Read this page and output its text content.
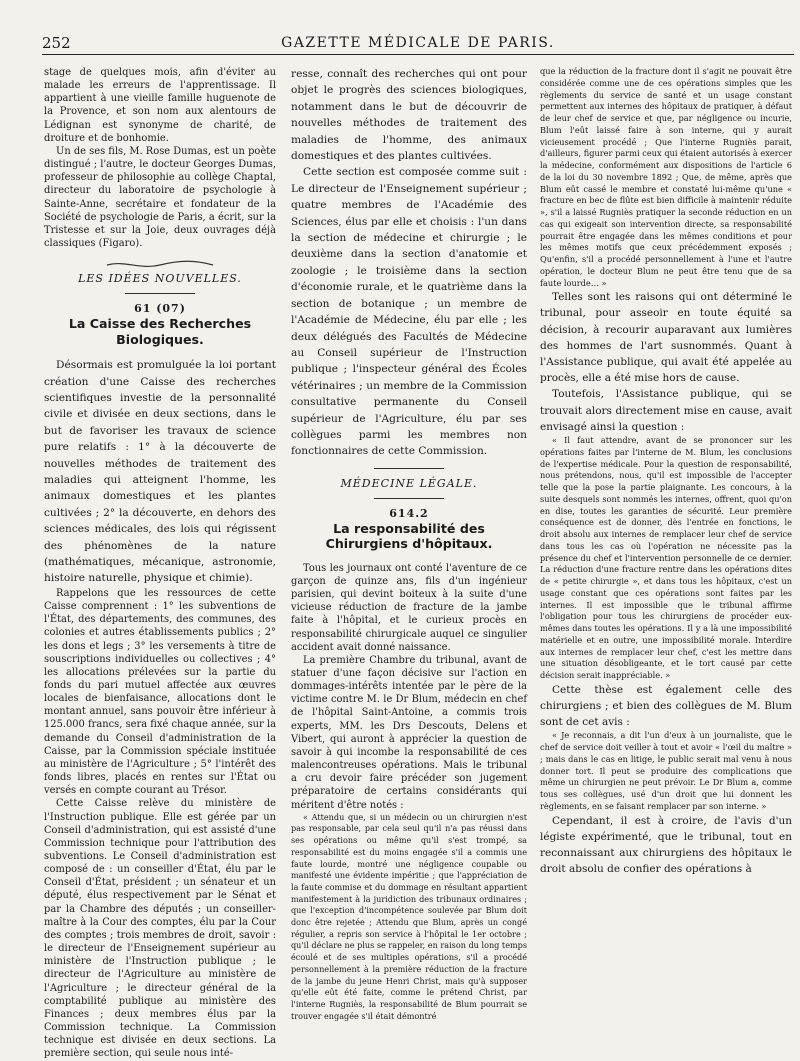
252	GAZETTE MÉDICALE DE PARIS.

stage de quelques mois, afin d'éviter au malade les erreurs de l'apprentissage. Il appartient à une vieille famille huguenote de la Provence, et son nom aux alentours de Lédignan est synonyme de charité, de droiture et de bonhomie.

Un de ses fils, M. Rose Dumas, est un poète distingué ; l'autre, le docteur Georges Dumas, professeur de philosophie au collège Chaptal, directeur du laboratoire de psychologie à Sainte-Anne, secrétaire et fondateur de la Société de psychologie de Paris, a écrit, sur la Tristesse et sur la Joie, deux ouvrages déjà classiques (Figaro).

LES IDÉES NOUVELLES.
61 (07)
La Caisse des Recherches Biologiques.

Désormais est promulguée la loi portant création d'une Caisse des recherches scientifiques investie de la personnalité civile et divisée en deux sections, dans le but de favoriser les travaux de science pure relatifs : 1° à la découverte de nouvelles méthodes de traitement des maladies qui atteignent l'homme, les animaux domestiques et les plantes cultivées ; 2° la découverte, en dehors des sciences médicales, des lois qui régissent des phénomènes de la nature (mathématiques, mécanique, astronomie, histoire naturelle, physique et chimie).

Rappelons que les ressources de cette Caisse comprennent : 1° les subventions de l'État, des départements, des communes, des colonies et autres établissements publics ; 2° les dons et legs ; 3° les versements à titre de souscriptions individuelles ou collectives ; 4° les allocations prélevées sur la partie du fonds du pari mutuel affectée aux œuvres locales de bienfaisance, allocations dont le montant annuel, sans pouvoir être inférieur à 125.000 francs, sera fixé chaque année, sur la demande du Conseil d'administration de la Caisse, par la Commission spéciale instituée au ministère de l'Agriculture ; 5° l'intérêt des fonds libres, placés en rentes sur l'État ou versés en compte courant au Trésor.

Cette Caisse relève du ministère de l'Instruction publique. Elle est gérée par un Conseil d'administration, qui est assisté d'une Commission technique pour l'attribution des subventions. Le Conseil d'administration est composé de : un conseiller d'État, élu par le Conseil d'État, président ; un sénateur et un député, élus respectivement par le Sénat et par la Chambre des députés ; un conseiller-maître à la Cour des comptes, élu par la Cour des comptes ; trois membres de droit, savoir : le directeur de l'Enseignement supérieur au ministère de l'Instruction publique ; le directeur de l'Agriculture au ministère de l'Agriculture ; le directeur général de la comptabilité publique au ministère des Finances ; deux membres élus par la Commission technique. La Commission technique est divisée en deux sections. La première section, qui seule nous inté-

resse, connaît des recherches qui ont pour objet le progrès des sciences biologiques, notamment dans le but de découvrir de nouvelles méthodes de traitement des maladies de l'homme, des animaux domestiques et des plantes cultivées.

Cette section est composée comme suit : Le directeur de l'Enseignement supérieur ; quatre membres de l'Académie des Sciences, élus par elle et choisis : l'un dans la section de médecine et chirurgie ; le deuxième dans la section d'anatomie et zoologie ; le troisième dans la section d'économie rurale, et le quatrième dans la section de botanique ; un membre de l'Académie de Médecine, élu par elle ; les deux délégués des Facultés de Médecine au Conseil supérieur de l'Instruction publique ; l'inspecteur général des Écoles vétérinaires ; un membre de la Commission consultative permanente du Conseil supérieur de l'Agriculture, élu par ses collègues parmi les membres non fonctionnaires de cette Commission.

MÉDECINE LÉGALE.
614.2
La responsabilité des Chirurgiens d'hôpitaux.

Tous les journaux ont conté l'aventure de ce garçon de quinze ans, fils d'un ingénieur parisien, qui devint boiteux à la suite d'une vicieuse réduction de fracture de la jambe faite à l'hôpital, et le curieux procès en responsabilité chirurgicale auquel ce singulier accident avait donné naissance.

La première Chambre du tribunal, avant de statuer d'une façon décisive sur l'action en dommages-intérêts intentée par le père de la victime contre M. le Dr Blum, médecin en chef de l'hôpital Saint-Antoine, a commis trois experts, MM. les Drs Descouts, Delens et Vibert, qui auront à apprécier la question de savoir à qui incombe la responsabilité de ces malencontreuses opérations. Mais le tribunal a cru devoir faire précéder son jugement préparatoire de certains considérants qui méritent d'être notés :

« Attendu que, si un médecin ou un chirurgien n'est pas responsable, par cela seul qu'il n'a pas réussi dans ses opérations ou même qu'il s'est trompé, sa responsabilité est du moins engagée s'il a commis une faute lourde, montré une négligence coupable ou manifesté une évidente impéritie ; que l'appréciation de la faute commise et du dommage en résultant appartient manifestement à la juridiction des tribunaux ordinaires ; que l'exception d'incompétence soulevée par Blum doit donc être rejetée ; Attendu que Blum, après un congé régulier, a repris son service à l'hôpital le 1er octobre ; qu'il déclare ne plus se rappeler, en raison du long temps écoulé et de ses multiples opérations, s'il a procédé personnellement à la première réduction de la fracture de la jambe du jeune Henri Christ, mais qu'à supposer qu'elle eût été faite, comme le prétend Christ, par l'interne Rugniès, la responsabilité de Blum pourrait se trouver engagée s'il était démontré

que la réduction de la fracture dont il s'agit ne pouvait être considérée comme une de ces opérations simples que les règlements du service de santé et un usage constant permettent aux internes des hôpitaux de pratiquer, à défaut de leur chef de service et que, par négligence ou incurie, Blum l'eût laissé faire à son interne, qui y aurait vicieusement procédé ; Que l'interne Rugniès parait, d'ailleurs, figurer parmi ceux qui étaient autorisés à exercer la médecine, conformément aux dispositions de l'article 6 de la loi du 30 novembre 1892 ; Que, de même, après que Blum eût cassé le membre et constaté lui-même qu'une « fracture en bec de flûte est bien difficile à maintenir réduite », s'il a laissé Rugniès pratiquer la seconde réduction en un cas qui exigeait son intervention directe, sa responsabilité pourrait être engagée dans les mêmes conditions et pour les mêmes motifs que ceux précédemment exposés ; Qu'enfin, s'il a procédé personnellement à l'une et l'autre opération, le docteur Blum ne peut être tenu que de sa faute lourde… »

Telles sont les raisons qui ont déterminé le tribunal, pour asseoir en toute équité sa décision, à recourir auparavant aux lumières des hommes de l'art susnommés. Quant à l'Assistance publique, qui avait été appelée au procès, elle a été mise hors de cause.

Toutefois, l'Assistance publique, qui se trouvait alors directement mise en cause, avait envisagé ainsi la question :

« Il faut attendre, avant de se prononcer sur les opérations faites par l'interne de M. Blum, les conclusions de l'expertise médicale. Pour la question de responsabilité, nous prétendons, nous, qu'il est impossible de l'accepter telle que la pose la partie plaignante. Les concours, à la suite desquels sont nommés les internes, offrent, quoi qu'on en dise, toutes les garanties de sécurité. Leur première conséquence est de donner, dès l'entrée en fonctions, le droit absolu aux internes de remplacer leur chef de service dans tous les cas où l'opération ne nécessite pas la présence du chef et l'intervention personnelle de ce dernier. La réduction d'une fracture rentre dans les opérations dites de « petite chirurgie », et dans tous les hôpitaux, c'est un usage constant que ces opérations sont faites par les internes. Il est impossible que le tribunal affirme l'obligation pour tous les chirurgiens de procéder eux-mêmes dans toutes les opérations. Il y a là une impossibilité matérielle et en outre, une impossibilité morale. Interdire aux internes de remplacer leur chef, c'est les mettre dans une situation désobligeante, et le tort causé par cette décision serait inappréciable. »

Cette thèse est également celle des chirurgiens ; et bien des collègues de M. Blum sont de cet avis :

« Je reconnais, a dit l'un d'eux à un journaliste, que le chef de service doit veiller à tout et avoir « l'œil du maître » ; mais dans le cas en litige, le public serait mal venu à nous donner tort. Il peut se produire des complications que même un chirurgien ne peut prévoir. Le Dr Blum a, comme tous ses collègues, usé d'un droit que lui donnent les règlements, en se faisant remplacer par son interne. »

Cependant, il est à croire, de l'avis d'un légiste expérimenté, que le tribunal, tout en reconnaissant aux chirurgiens des hôpitaux le droit absolu de confier des opérations à
